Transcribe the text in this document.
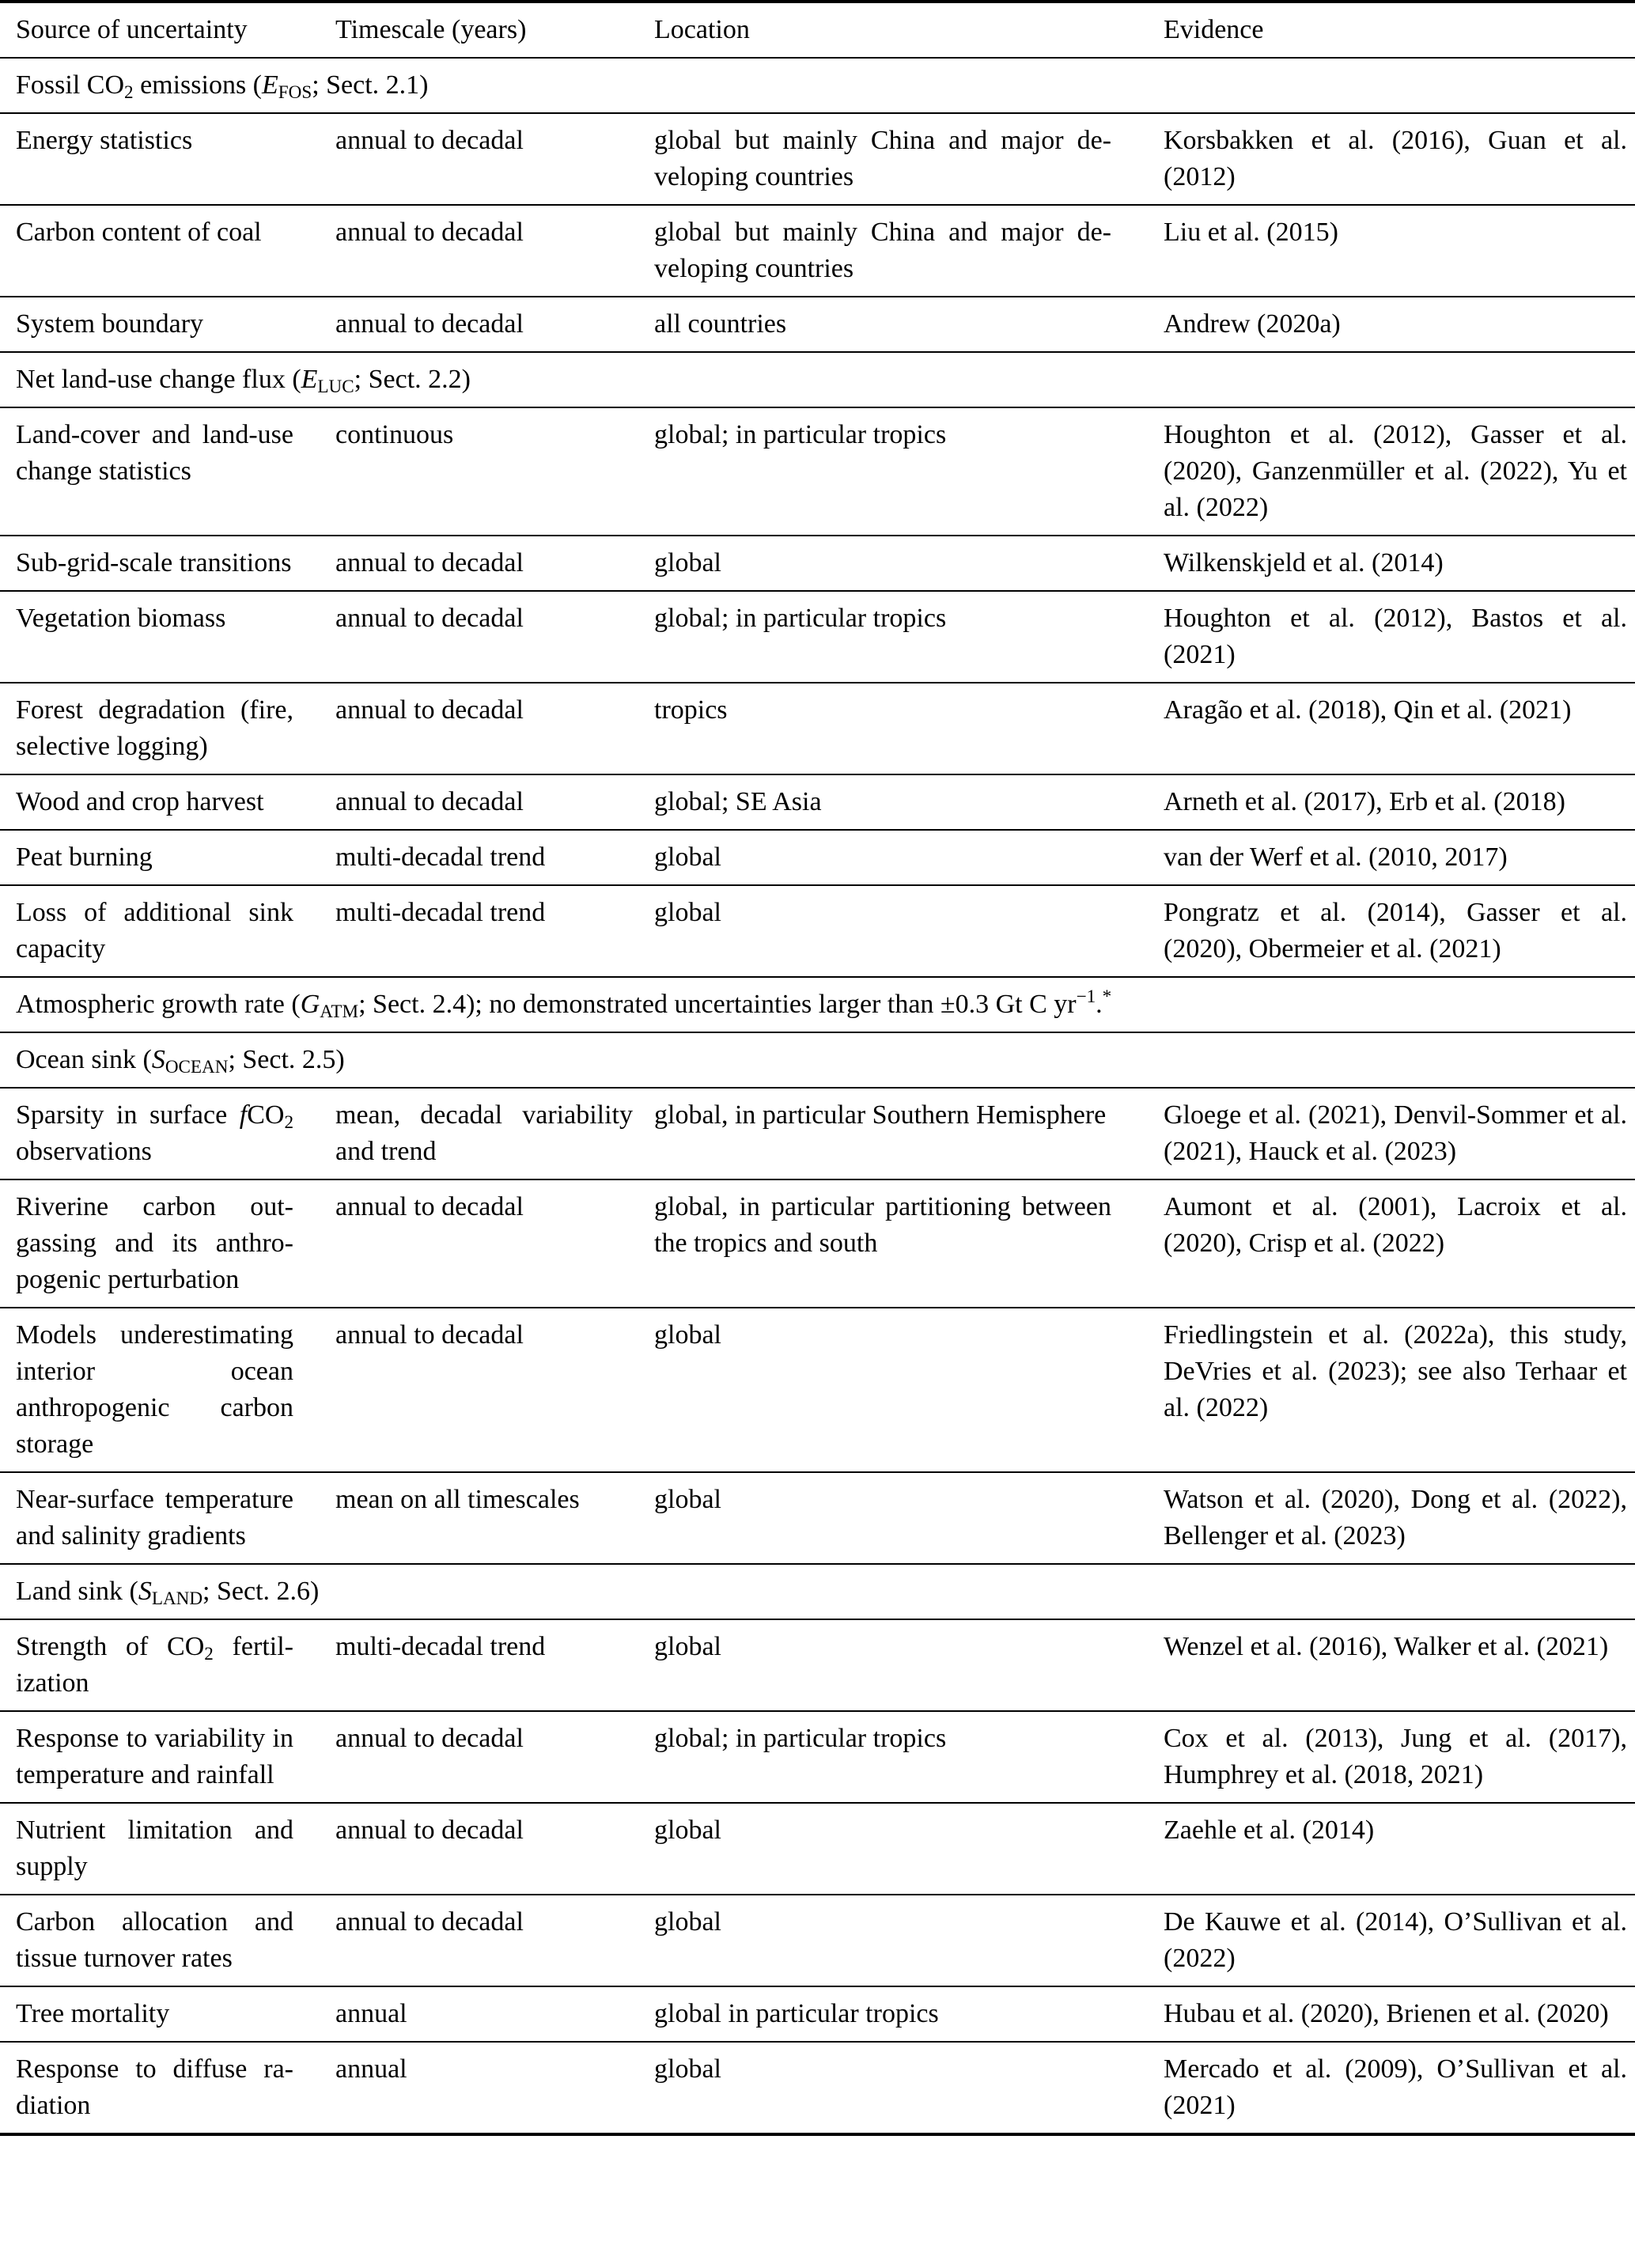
Source of uncertainty	Timescale (years)	Location	Evidence
Fossil $CO_2$ emissions ($E_{FOS}$; Sect. 2.1)			
Energy statistics	annual to decadal	global but mainly China and major developing countries	Korsbakken et al. (2016), Guan et al. (2012)
Carbon content of coal	annual to decadal	global but mainly China and major developing countries	Liu et al. (2015)
System boundary	annual to decadal	all countries	Andrew (2020a)
Net land-use change flux ($E_{LUC}$; Sect. 2.2)			
Land-cover and land-use change statistics	continuous	global; in particular tropics	Houghton et al. (2012), Gasser et al. (2020), Ganzenmüller et al. (2022), Yu et al. (2022)
Sub-grid-scale transitions	annual to decadal	global	Wilkenskjeld et al. (2014)
Vegetation biomass	annual to decadal	global; in particular tropics	Houghton et al. (2012), Bastos et al. (2021)
Forest degradation (fire, selective logging)	annual to decadal	tropics	Aragão et al. (2018), Qin et al. (2021)
Wood and crop harvest	annual to decadal	global; SE Asia	Arneth et al. (2017), Erb et al. (2018)
Peat burning	multi-decadal trend	global	van der Werf et al. (2010, 2017)
Loss of additional sink capacity	multi-decadal trend	global	Pongratz et al. (2014), Gasser et al. (2020), Obermeier et al. (2021)
Atmospheric growth rate ($G_{ATM}$; Sect. 2.4); no demonstrated uncertainties larger than ±0.3 Gt C $yr^{-1}.^*$
Ocean sink ($S_{OCEAN}$; Sect. 2.5)			
Sparsity in surface fCO$_2$ observations	mean, decadal variability and trend	global, in particular Southern Hemisphere	Gloege et al. (2021), Denvil-Sommer et al. (2021), Hauck et al. (2023)
Riverine carbon outgassing and its anthropogenic perturbation	annual to decadal	global, in particular partitioning between the tropics and south	Aumont et al. (2001), Lacroix et al. (2020), Crisp et al. (2022)
Models underestimating interior ocean anthropogenic carbon storage	annual to decadal	global	Friedlingstein et al. (2022a), this study, DeVries et al. (2023); see also Terhaar et al. (2022)
Near-surface temperature and salinity gradients	mean on all timescales	global	Watson et al. (2020), Dong et al. (2022), Bellenger et al. (2023)
Land sink ($S_{LAND}$; Sect. 2.6)			
Strength of $CO_2$ fertilization	multi-decadal trend	global	Wenzel et al. (2016), Walker et al. (2021)
Response to variability in temperature and rainfall	annual to decadal	global; in particular tropics	Cox et al. (2013), Jung et al. (2017), Humphrey et al. (2018, 2021)
Nutrient limitation and supply	annual to decadal	global	Zaehle et al. (2014)
Carbon allocation and tissue turnover rates	annual to decadal	global	De Kauwe et al. (2014), O’Sullivan et al. (2022)
Tree mortality	annual	global in particular tropics	Hubau et al. (2020), Brienen et al. (2020)
Response to diffuse radiation	annual	global	Mercado et al. (2009), O’Sullivan et al. (2021)
